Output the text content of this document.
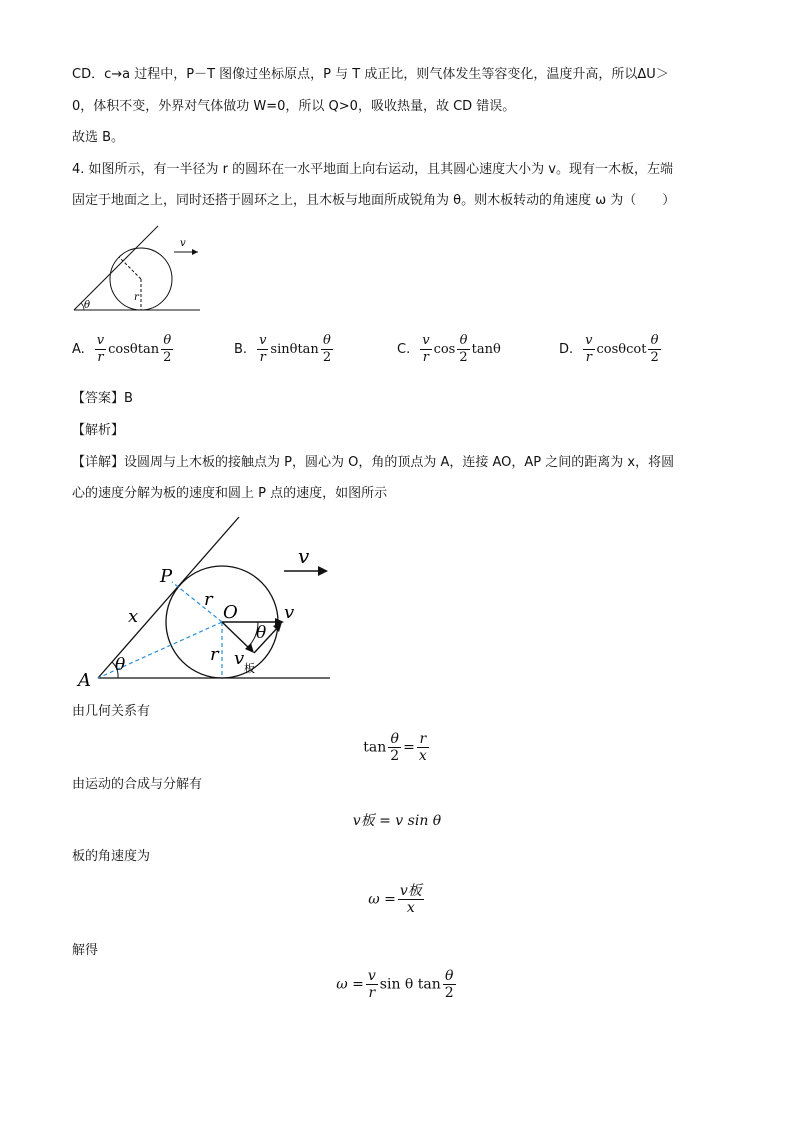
CD．c→a 过程中，P－T 图像过坐标原点，P 与 T 成正比，则气体发生等容变化，温度升高，所以ΔU＞
0，体积不变，外界对气体做功 W=0，所以 Q>0，吸收热量，故 CD 错误。
故选 B。
4. 如图所示，有一半径为 r 的圆环在一水平地面上向右运动，且其圆心速度大小为 v。现有一木板，左端
固定于地面之上，同时还搭于圆环之上，且木板与地面所成锐角为 θ。则木板转动的角速度 ω 为（　　）
v
r
θ
A. $\frac{v}{r}$ cosθtan $\frac{\theta}{2}$	B. $\frac{v}{r}$ sinθtan $\frac{\theta}{2}$	C. $\frac{v}{r}$ $\cos \frac{\theta}{2}$ tanθ	D. $\frac{v}{r}$ cosθcot $\frac{\theta}{2}$
【答案】B
【解析】
【详解】设圆周与上木板的接触点为 P，圆心为 O，角的顶点为 A，连接 AO，AP 之间的距离为 x，将圆
心的速度分解为板的速度和圆上 P 点的速度，如图所示
v
P
O
A
x
r
r
v
v 板
θ
θ
由几何关系有
$\tan \frac{\theta}{2} = \frac{r}{x}$
由运动的合成与分解有
v板 = v sin θ
板的角速度为
$\omega = \frac{\text{v板}}{x}$
解得
$\omega = \frac{v}{r}$ sin θ $\tan \frac{\theta}{2}$
